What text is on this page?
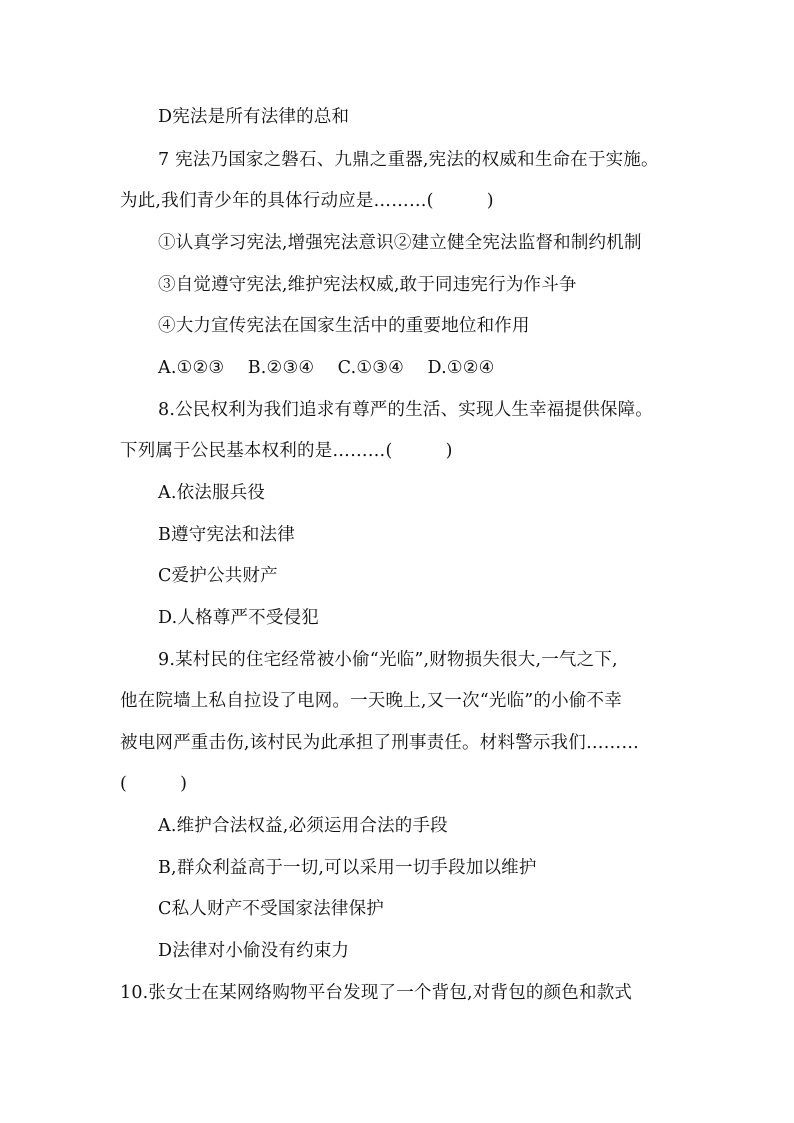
D宪法是所有法律的总和
7 宪法乃国家之磐石、九鼎之重器,宪法的权威和生命在于实施。
为此,我们青少年的具体行动应是………(　　　)
①认真学习宪法,增强宪法意识②建立健全宪法监督和制约机制
③自觉遵守宪法,维护宪法权威,敢于同违宪行为作斗争
④大力宣传宪法在国家生活中的重要地位和作用
A.①②③　 B.②③④　 C.①③④　 D.①②④
8.公民权利为我们追求有尊严的生活、实现人生幸福提供保障。
下列属于公民基本权利的是………(　　　)
A.依法服兵役
B遵守宪法和法律
C爱护公共财产
D.人格尊严不受侵犯
9.某村民的住宅经常被小偷“光临”,财物损失很大,一气之下,
他在院墙上私自拉设了电网。一天晚上,又一次“光临”的小偷不幸
被电网严重击伤,该村民为此承担了刑事责任。材料警示我们………
(　　　)
A.维护合法权益,必须运用合法的手段
B,群众利益高于一切,可以采用一切手段加以维护
C私人财产不受国家法律保护
D法律对小偷没有约束力
10.张女士在某网络购物平台发现了一个背包,对背包的颜色和款式
